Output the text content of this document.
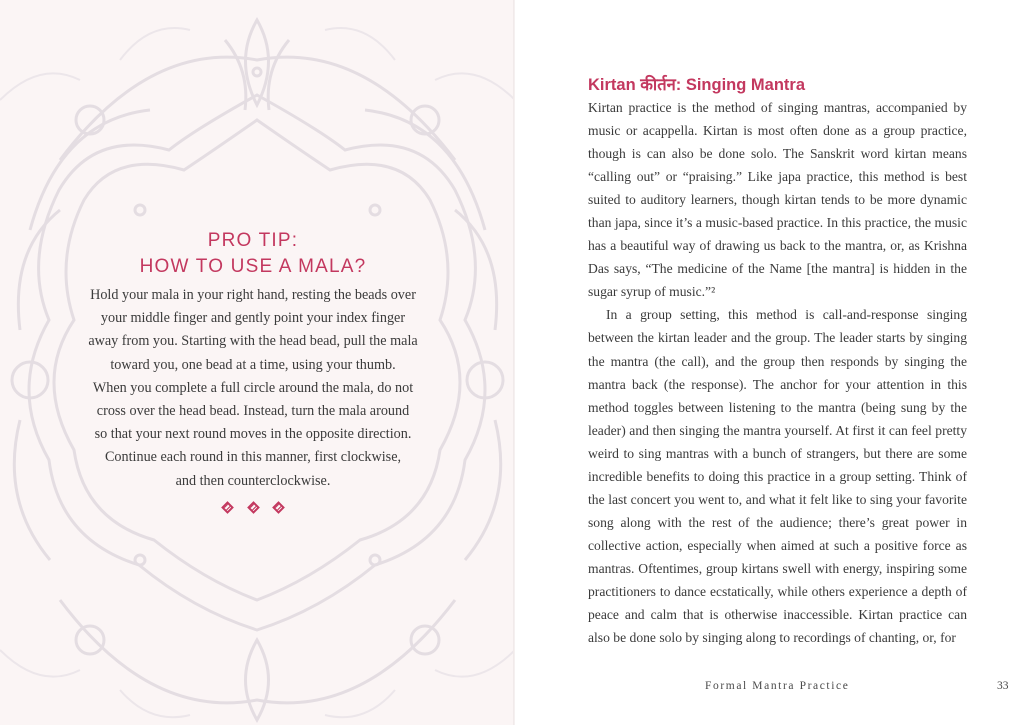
PRO TIP:
HOW TO USE A MALA?
Hold your mala in your right hand, resting the beads over
your middle finger and gently point your index finger
away from you. Starting with the head bead, pull the mala
toward you, one bead at a time, using your thumb.
When you complete a full circle around the mala, do not
cross over the head bead. Instead, turn the mala around
so that your next round moves in the opposite direction.
Continue each round in this manner, first clockwise,
and then counterclockwise.

Kirtan कीर्तन: Singing Mantra

Kirtan practice is the method of singing mantras, accompanied by music or acappella. Kirtan is most often done as a group practice, though is can also be done solo. The Sanskrit word kirtan means “calling out” or “praising.” Like japa practice, this method is best suited to auditory learners, though kirtan tends to be more dynamic than japa, since it’s a music-based practice. In this practice, the music has a beautiful way of drawing us back to the mantra, or, as Krishna Das says, “The medicine of the Name [the mantra] is hidden in the sugar syrup of music.”²

In a group setting, this method is call-and-response singing between the kirtan leader and the group. The leader starts by singing the mantra (the call), and the group then responds by singing the mantra back (the response). The anchor for your attention in this method toggles between listening to the mantra (being sung by the leader) and then singing the mantra yourself. At first it can feel pretty weird to sing mantras with a bunch of strangers, but there are some incredible benefits to doing this practice in a group setting. Think of the last concert you went to, and what it felt like to sing your favorite song along with the rest of the audience; there’s great power in collective action, especially when aimed at such a positive force as mantras. Oftentimes, group kirtans swell with energy, inspiring some practitioners to dance ecstatically, while others experience a depth of peace and calm that is otherwise inaccessible. Kirtan practice can also be done solo by singing along to recordings of chanting, or, for

Formal Mantra Practice	33
